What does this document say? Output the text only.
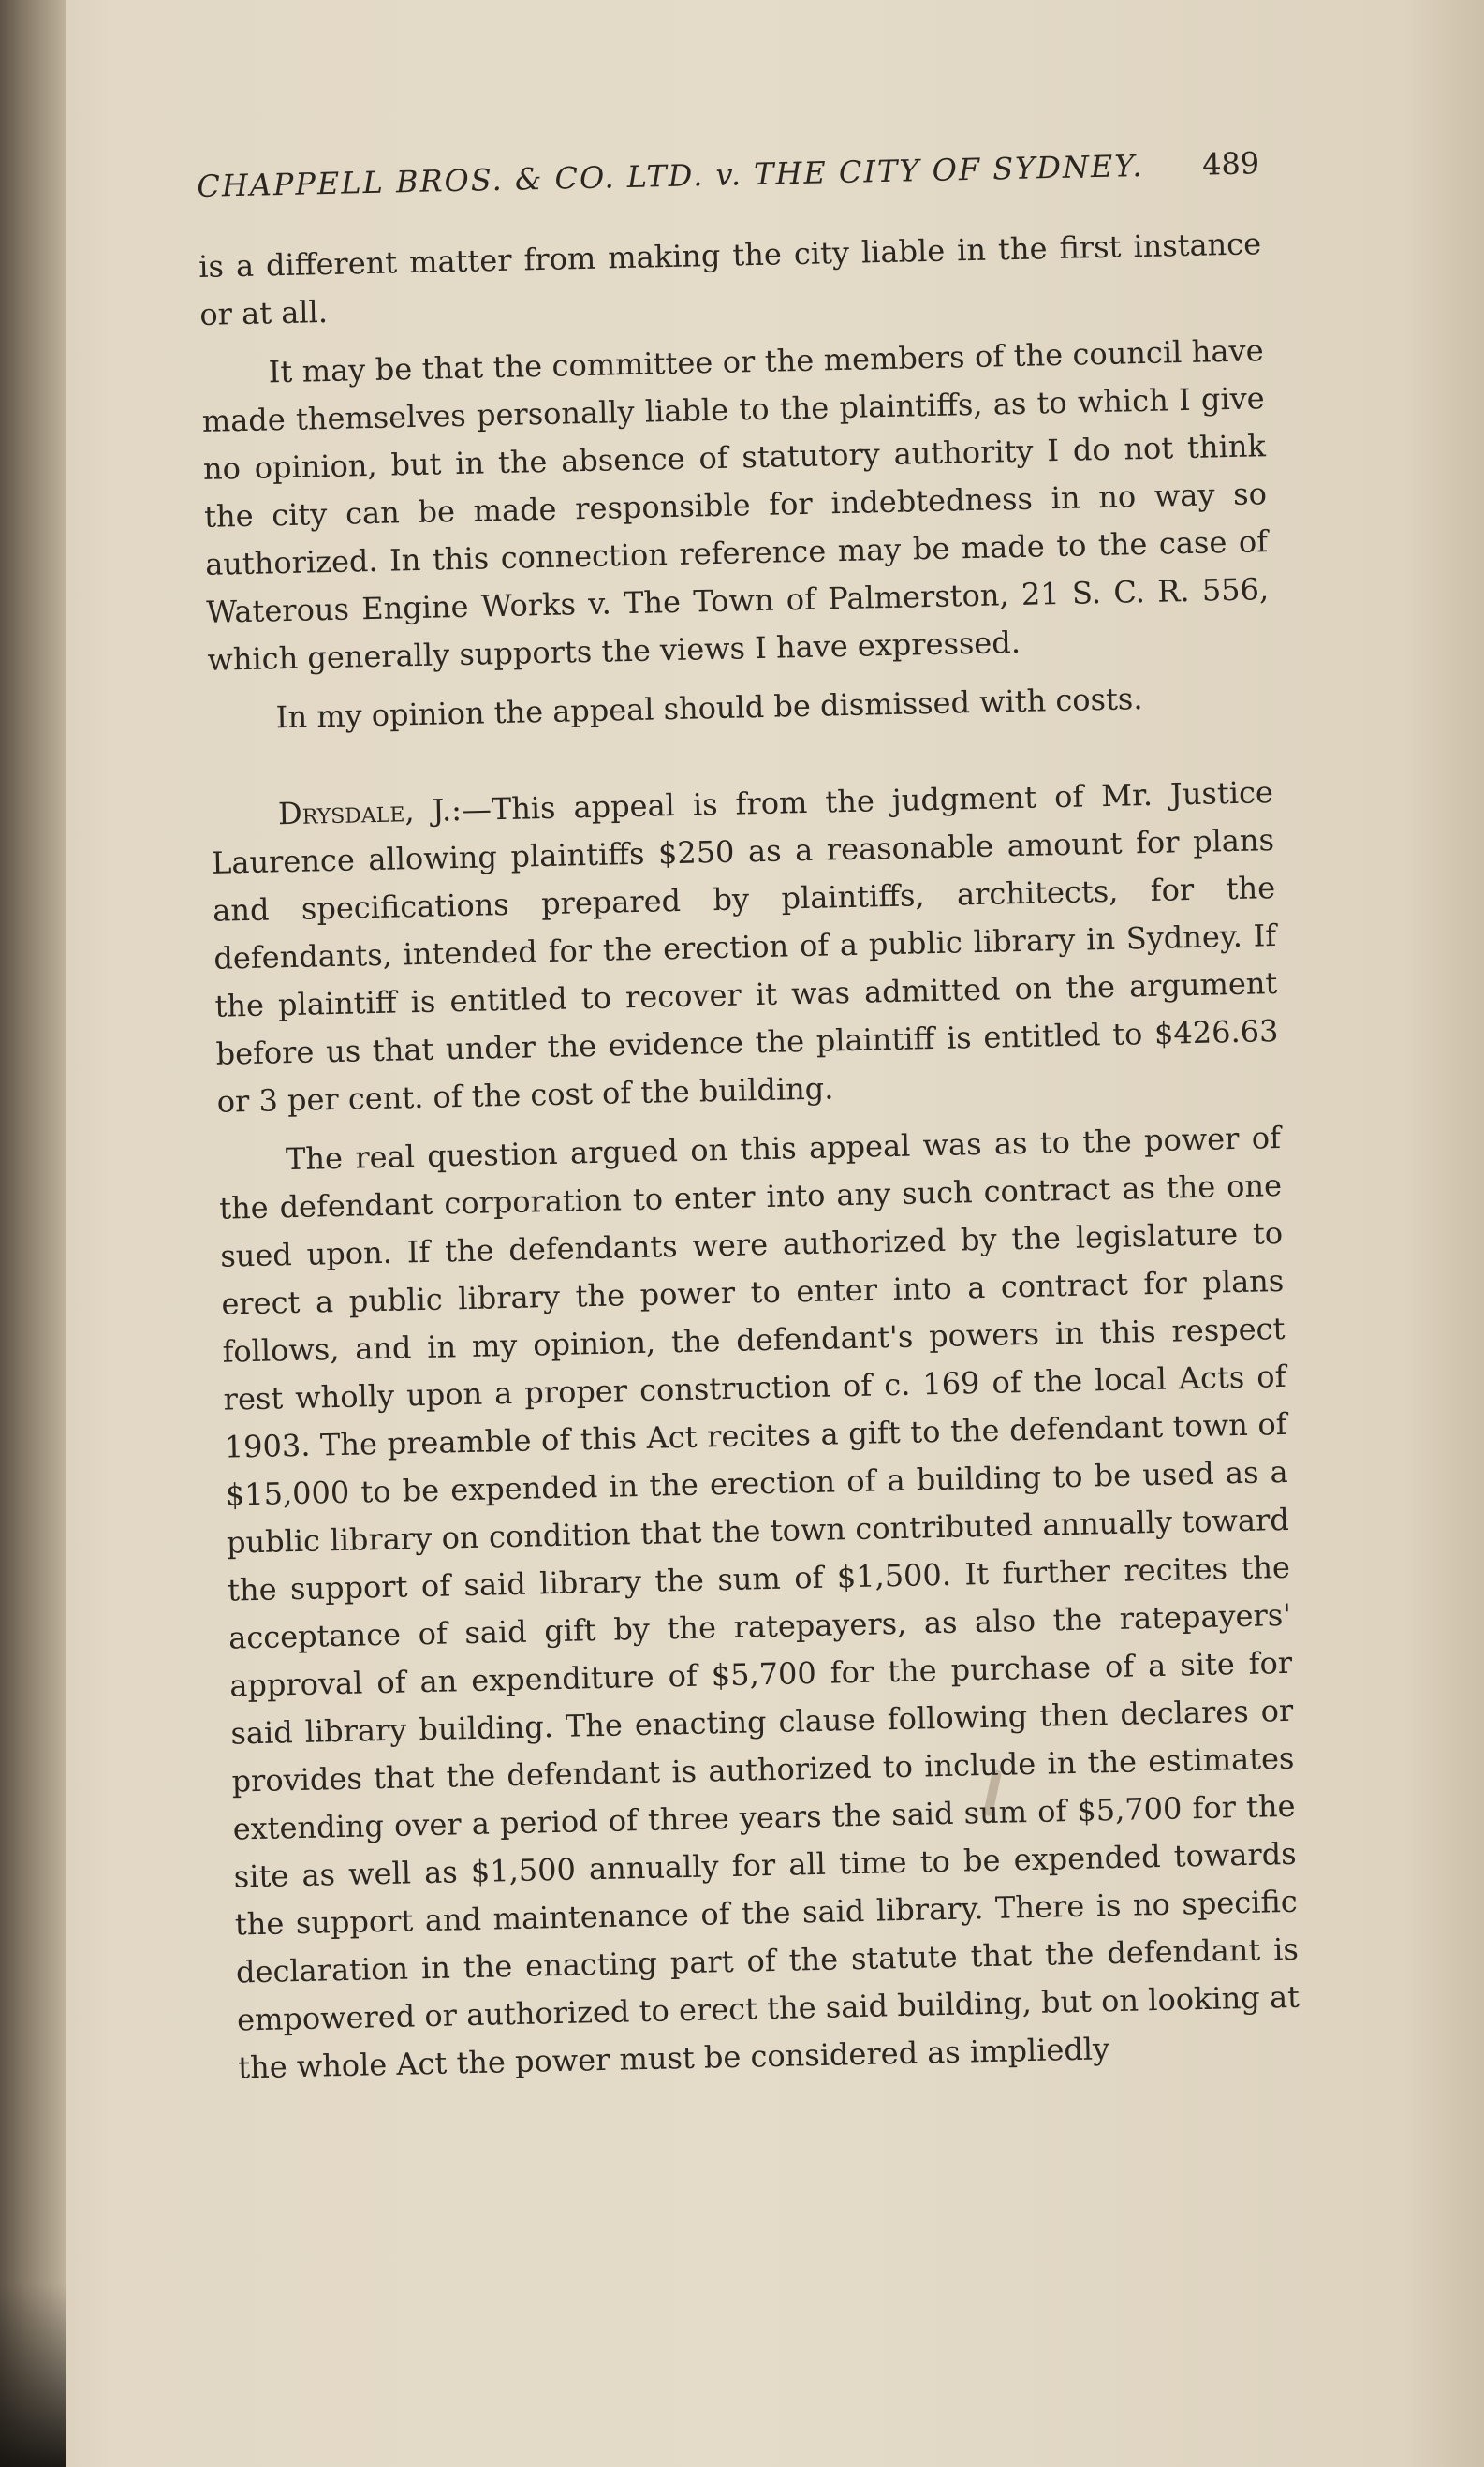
CHAPPELL BROS. & CO. LTD. v. THE CITY OF SYDNEY. 489

is a different matter from making the city liable in the first instance or at all.

It may be that the committee or the members of the council have made themselves personally liable to the plaintiffs, as to which I give no opinion, but in the absence of statutory authority I do not think the city can be made responsible for indebtedness in no way so authorized. In this connection reference may be made to the case of Waterous Engine Works v. The Town of Palmerston, 21 S. C. R. 556, which generally supports the views I have expressed.

In my opinion the appeal should be dismissed with costs.

Drysdale, J.:—This appeal is from the judgment of Mr. Justice Laurence allowing plaintiffs $250 as a reasonable amount for plans and specifications prepared by plaintiffs, architects, for the defendants, intended for the erection of a public library in Sydney. If the plaintiff is entitled to recover it was admitted on the argument before us that under the evidence the plaintiff is entitled to $426.63 or 3 per cent. of the cost of the building.

The real question argued on this appeal was as to the power of the defendant corporation to enter into any such contract as the one sued upon. If the defendants were authorized by the legislature to erect a public library the power to enter into a contract for plans follows, and in my opinion, the defendant's powers in this respect rest wholly upon a proper construction of c. 169 of the local Acts of 1903. The preamble of this Act recites a gift to the defendant town of $15,000 to be expended in the erection of a building to be used as a public library on condition that the town contributed annually toward the support of said library the sum of $1,500. It further recites the acceptance of said gift by the ratepayers, as also the ratepayers' approval of an expenditure of $5,700 for the purchase of a site for said library building. The enacting clause following then declares or provides that the defendant is authorized to include in the estimates extending over a period of three years the said sum of $5,700 for the site as well as $1,500 annually for all time to be expended towards the support and maintenance of the said library. There is no specific declaration in the enacting part of the statute that the defendant is empowered or authorized to erect the said building, but on looking at the whole Act the power must be considered as impliedly
